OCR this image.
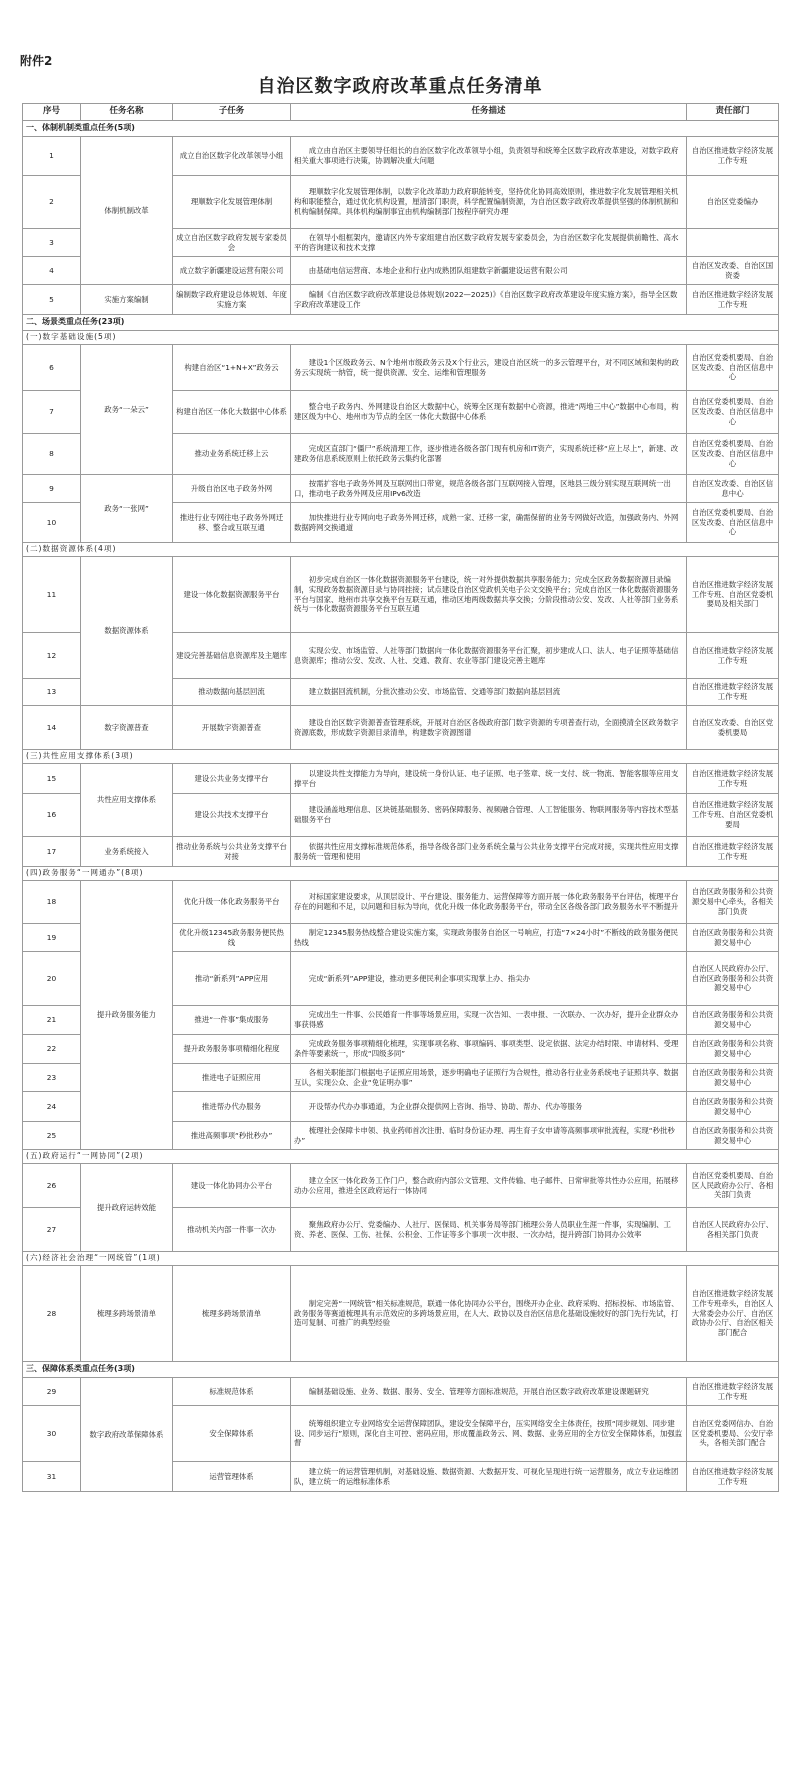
附件2
自治区数字政府改革重点任务清单
序号	任务名称	子任务	任务描述	责任部门
一、体制机制类重点任务(5项)				
1	体制机制改革	成立自治区数字化改革领导小组	成立由自治区主要领导任组长的自治区数字化改革领导小组，负责领导和统筹全区数字政府改革建设，对数字政府相关重大事项进行决策，协调解决重大问题	自治区推进数字经济发展工作专班
2		理顺数字化发展管理体制	理顺数字化发展管理体制，以数字化改革助力政府职能转变，坚持优化协同高效原则，推进数字化发展管理相关机构和职能整合，通过优化机构设置，厘清部门职责，科学配置编制资源，为自治区数字政府改革提供坚强的体制机制和机构编制保障。具体机构编制事宜由机构编制部门按程序研究办理	自治区党委编办
3		成立自治区数字政府发展专家委员会	在领导小组框架内，邀请区内外专家组建自治区数字政府发展专家委员会，为自治区数字化发展提供前瞻性、高水平的咨询建议和技术支撑	
4		成立数字新疆建设运营有限公司	由基础电信运营商、本地企业和行业内成熟团队组建数字新疆建设运营有限公司	自治区发改委、自治区国资委
5	实施方案编制	编制数字政府建设总体规划、年度实施方案	编制《自治区数字政府改革建设总体规划(2022—2025)》《自治区数字政府改革建设年度实施方案》，指导全区数字政府改革建设工作	自治区推进数字经济发展工作专班
二、场景类重点任务(23项)				
(一)数字基础设施(5项)				
6	政务“一朵云”	构建自治区“1+N+X”政务云	建设1个区级政务云、N个地州市级政务云及X个行业云，建设自治区统一的多云管理平台，对不同区域和架构的政务云实现统一纳管，统一提供资源、安全、运维和管理服务	自治区党委机要局、自治区发改委、自治区信息中心
7		构建自治区一体化大数据中心体系	整合电子政务内、外网建设自治区大数据中心，统筹全区现有数据中心资源，推进“两地三中心”数据中心布局，构建区级为中心、地州市为节点的全区一体化大数据中心体系	自治区党委机要局、自治区发改委、自治区信息中心
8		推动业务系统迁移上云	完成区直部门“僵尸”系统清理工作，逐步推进各级各部门现有机房和IT资产，实现系统迁移“应上尽上”，新建、改建政务信息系统原则上依托政务云集约化部署	自治区党委机要局、自治区发改委、自治区信息中心
9	政务“一张网”	升级自治区电子政务外网	按需扩容电子政务外网及互联网出口带宽，规范各级各部门互联网接入管理，区地县三级分别实现互联网统一出口，推动电子政务外网及应用IPv6改造	自治区发改委、自治区信息中心
10		推进行业专网往电子政务外网迁移、整合或互联互通	加快推进行业专网向电子政务外网迁移，成熟一家、迁移一家，确需保留的业务专网做好改造，加强政务内、外网数据跨网交换通道	自治区党委机要局、自治区发改委、自治区信息中心
(二)数据资源体系(4项)				
11	数据资源体系	建设一体化数据资源服务平台	初步完成自治区一体化数据资源服务平台建设，统一对外提供数据共享服务能力；完成全区政务数据资源目录编制，实现政务数据资源目录与协同挂接；试点建设自治区党政机关电子公文交换平台；完成自治区一体化数据资源服务平台与国家、地州市共享交换平台互联互通，推动区地两级数据共享交换；分阶段推动公安、发改、人社等部门业务系统与一体化数据资源服务平台互联互通	自治区推进数字经济发展工作专班、自治区党委机要局及相关部门
12		建设完善基础信息资源库及主题库	实现公安、市场监管、人社等部门数据向一体化数据资源服务平台汇聚，初步建成人口、法人、电子证照等基础信息资源库；推动公安、发改、人社、交通、教育、农业等部门建设完善主题库	自治区推进数字经济发展工作专班
13		推动数据向基层回流	建立数据回流机制，分批次推动公安、市场监管、交通等部门数据向基层回流	自治区推进数字经济发展工作专班
14	数字资源普查	开展数字资源普查	建设自治区数字资源普查管理系统，开展对自治区各级政府部门数字资源的专项普查行动，全面摸清全区政务数字资源底数，形成数字资源目录清单，构建数字资源图谱	自治区发改委、自治区党委机要局
(三)共性应用支撑体系(3项)				
15	共性应用支撑体系	建设公共业务支撑平台	以建设共性支撑能力为导向，建设统一身份认证、电子证照、电子签章、统一支付、统一物流、智能客服等应用支撑平台	自治区推进数字经济发展工作专班
16		建设公共技术支撑平台	建设涵盖地理信息、区块链基础服务、密码保障服务、视频融合管理、人工智能服务、物联网服务等内容技术型基础服务平台	自治区推进数字经济发展工作专班、自治区党委机要局
17	业务系统接入	推动业务系统与公共业务支撑平台对接	依据共性应用支撑标准规范体系，指导各级各部门业务系统全量与公共业务支撑平台完成对接，实现共性应用支撑服务统一管理和使用	自治区推进数字经济发展工作专班
(四)政务服务“一网通办”(8项)				
18	提升政务服务能力	优化升级一体化政务服务平台	对标国家建设要求，从顶层设计、平台建设、服务能力、运营保障等方面开展一体化政务服务平台评估，梳理平台存在的问题和不足，以问题和目标为导向，优化升级一体化政务服务平台，带动全区各级各部门政务服务水平不断提升	自治区政务服务和公共资源交易中心牵头，各相关部门负责
19		优化升级12345政务服务便民热线	制定12345服务热线整合建设实施方案，实现政务服务自治区一号响应，打造“7×24小时”不断线的政务服务便民热线	自治区政务服务和公共资源交易中心
20		推动“新系列”APP应用	完成“新系列”APP建设，推动更多便民利企事项实现掌上办、指尖办	自治区人民政府办公厅、自治区政务服务和公共资源交易中心
21		推进“一件事”集成服务	完成出生一件事、公民婚育一件事等场景应用，实现一次告知、一表申报、一次联办、一次办好，提升企业群众办事获得感	自治区政务服务和公共资源交易中心
22		提升政务服务事项精细化程度	完成政务服务事项精细化梳理，实现事项名称、事项编码、事项类型、设定依据、法定办结时限、申请材料、受理条件等要素统一，形成“四级多同”	自治区政务服务和公共资源交易中心
23		推进电子证照应用	各相关职能部门根据电子证照应用场景，逐步明确电子证照行为合规性，推动各行业业务系统电子证照共享、数据互认，实现公众、企业“免证明办事”	自治区政务服务和公共资源交易中心
24		推进帮办代办服务	开设帮办代办办事通道，为企业群众提供网上咨询、指导、协助、帮办、代办等服务	自治区政务服务和公共资源交易中心
25		推进高频事项“秒批秒办”	梳理社会保障卡申领、执业药师首次注册、临时身份证办理、再生育子女申请等高频事项审批流程，实现“秒批秒办”	自治区政务服务和公共资源交易中心
(五)政府运行“一网协同”(2项)				
26	提升政府运转效能	建设一体化协同办公平台	建立全区一体化政务工作门户，整合政府内部公文管理、文件传输、电子邮件、日常审批等共性办公应用，拓展移动办公应用，推进全区政府运行一体协同	自治区党委机要局、自治区人民政府办公厅、各相关部门负责
27		推动机关内部一件事一次办	聚焦政府办公厅、党委编办、人社厅、医保局、机关事务局等部门梳理公务人员职业生涯一件事，实现编制、工资、养老、医保、工伤、社保、公积金、工作证等多个事项一次申报、一次办结，提升跨部门协同办公效率	自治区人民政府办公厅、各相关部门负责
(六)经济社会治理“一网统管”(1项)				
28	梳理多跨场景清单	梳理多跨场景清单	制定完善“一网统管”相关标准规范，联通一体化协同办公平台，围绕开办企业、政府采购、招标投标、市场监管、政务服务等赛道梳理具有示范效应的多跨场景应用，在人大、政协以及自治区信息化基础设施较好的部门先行先试，打造可复制、可推广的典型经验	自治区推进数字经济发展工作专班牵头，自治区人大常委会办公厅、自治区政协办公厅、自治区相关部门配合
三、保障体系类重点任务(3项)				
29	数字政府改革保障体系	标准规范体系	编制基础设施、业务、数据、服务、安全、管理等方面标准规范，开展自治区数字政府改革建设课题研究	自治区推进数字经济发展工作专班
30		安全保障体系	统筹组织建立专业网络安全运营保障团队，建设安全保障平台，压实网络安全主体责任，按照“同步规划、同步建设、同步运行”原则，深化自主可控、密码应用，形成覆盖政务云、网、数据、业务应用的全方位安全保障体系，加强监督	自治区党委网信办、自治区党委机要局、公安厅牵头，各相关部门配合
31		运营管理体系	建立统一的运营管理机制，对基础设施、数据资源、大数据开发、可视化呈现进行统一运营服务，成立专业运维团队，建立统一的运维标准体系	自治区推进数字经济发展工作专班
